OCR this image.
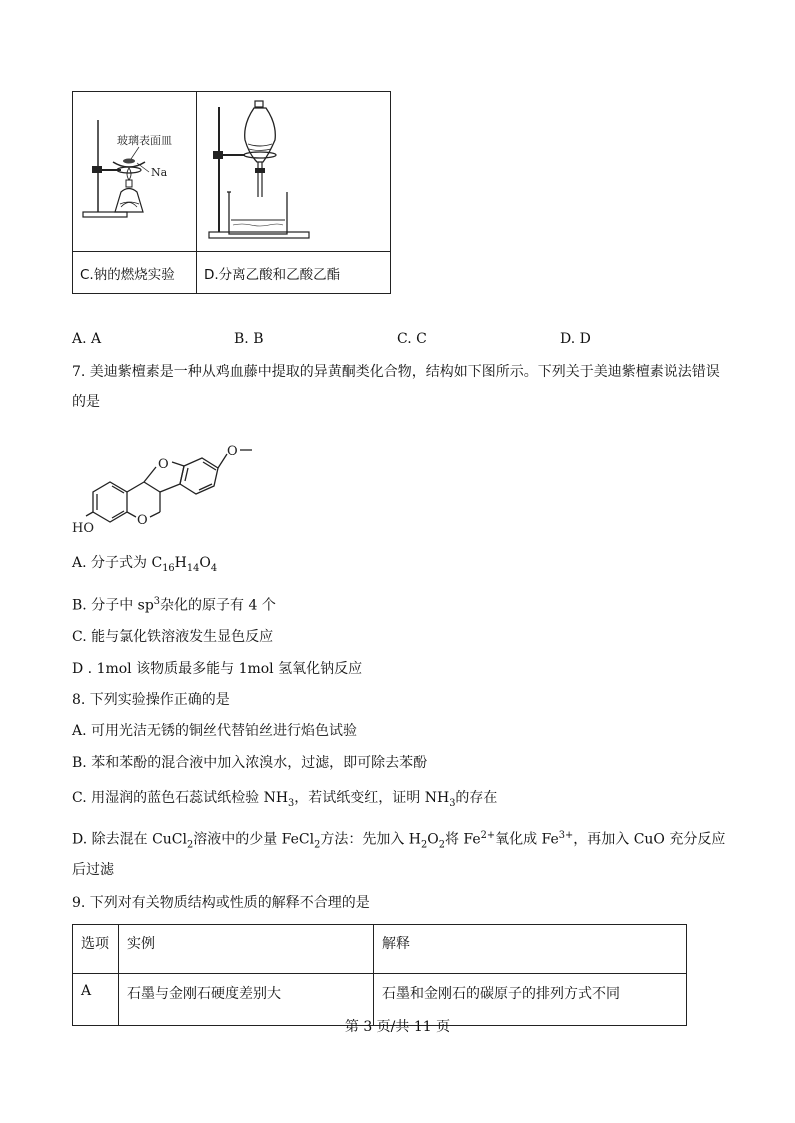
玻璃表面皿
Na

C.钠的燃烧实验	D.分离乙酸和乙酸乙酯
A. A	B. B	C. C	D. D
7. 美迪紫檀素是一种从鸡血藤中提取的异黄酮类化合物，结构如下图所示。下列关于美迪紫檀素说法错误
的是
HO
O
O
O
A. 分子式为 $C_{16}H_{14}O_4$
B. 分子中 $sp^3$杂化的原子有 4 个
C. 能与氯化铁溶液发生显色反应
D . 1mol 该物质最多能与 1mol 氢氧化钠反应
8. 下列实验操作正确的是
A. 可用光洁无锈的铜丝代替铂丝进行焰色试验
B. 苯和苯酚的混合液中加入浓溴水，过滤，即可除去苯酚
C. 用湿润的蓝色石蕊试纸检验 $NH_3$，若试纸变红，证明 $NH_3$的存在
D. 除去混在 CuCl$_2$溶液中的少量 FeCl$_2$方法：先加入 $H_2O_2$将 $Fe^{2+}$氧化成 $Fe^{3+}$，再加入 CuO 充分反应
后过滤
9. 下列对有关物质结构或性质的解释不合理的是
选项	实例	解释
A	石墨与金刚石硬度差别大	石墨和金刚石的碳原子的排列方式不同
第 3 页/共 11 页
